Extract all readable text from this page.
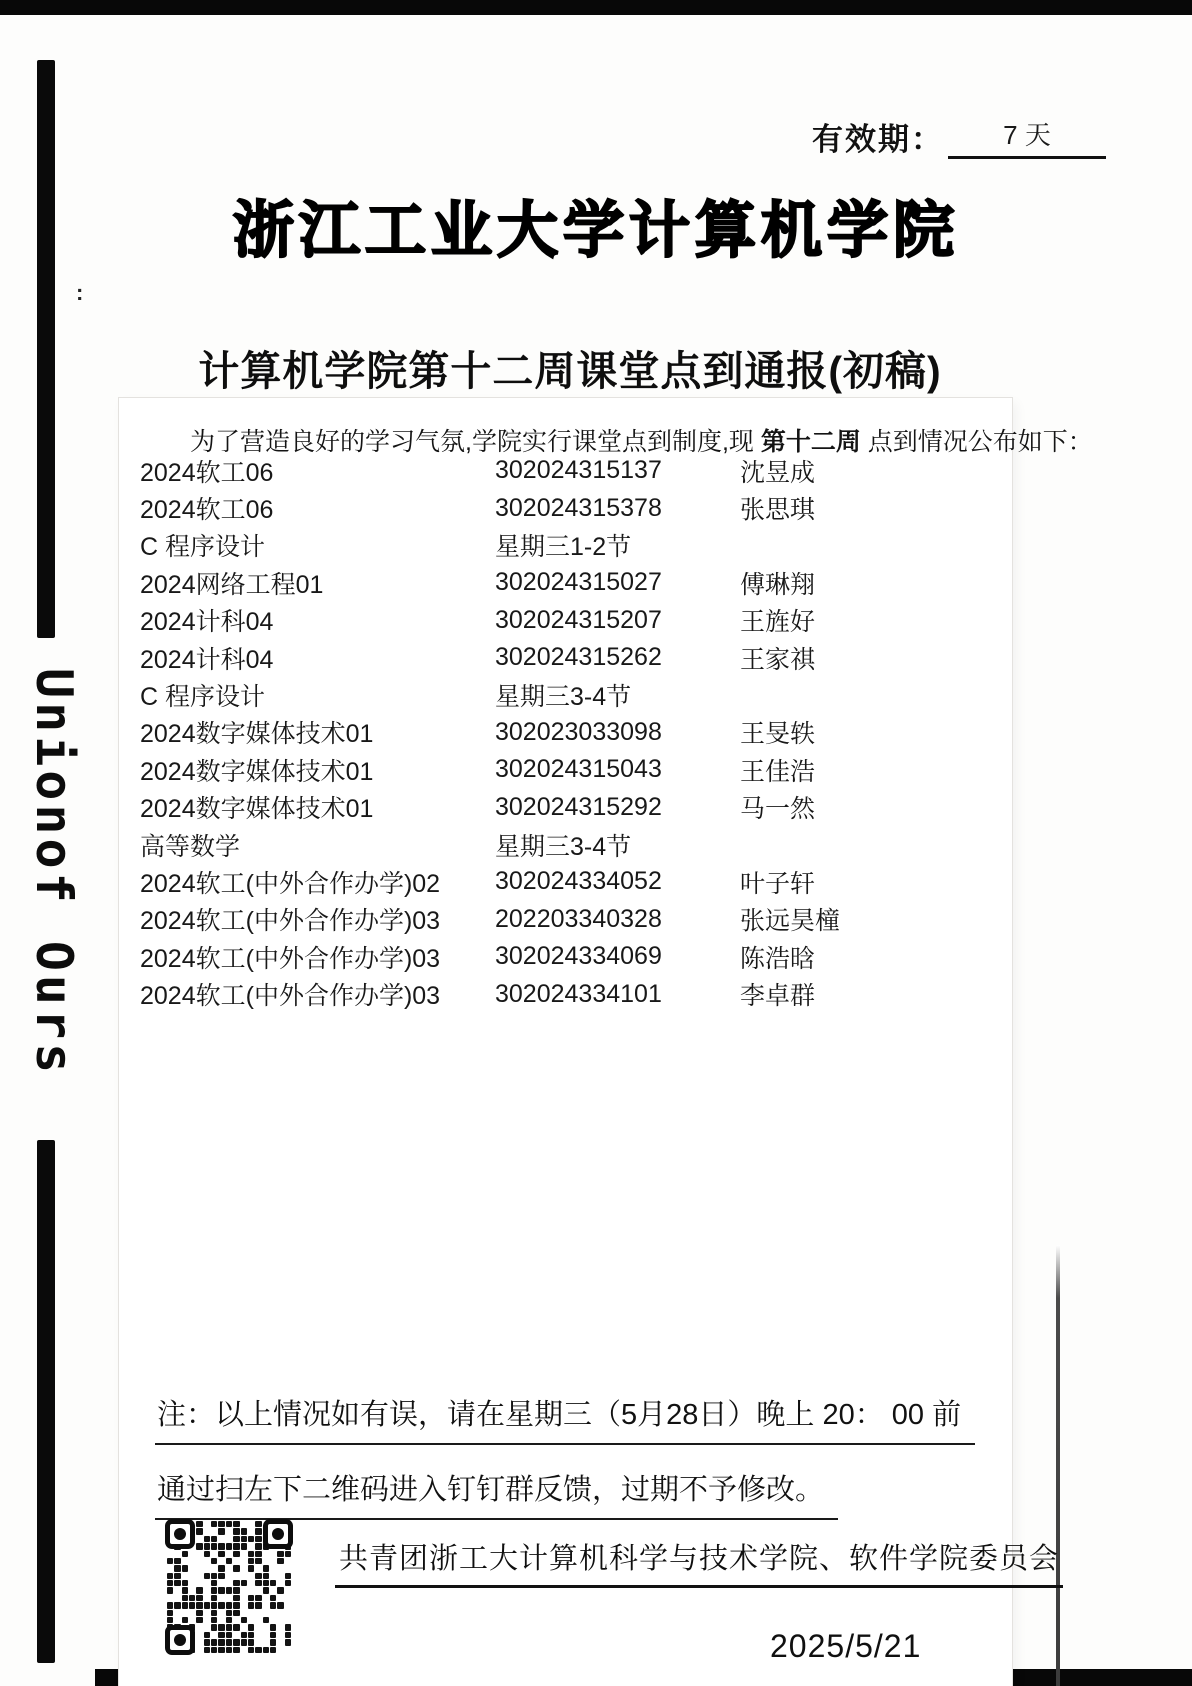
Unionof Ours
:
有效期：	7 天
浙江工业大学计算机学院
计算机学院第十二周课堂点到通报(初稿)
为了营造良好的学习气氛,学院实行课堂点到制度,现 第十二周 点到情况公布如下：
2024软工06	302024315137	沈昱成
2024软工06	302024315378	张思琪
C 程序设计	星期三1-2节
2024网络工程01	302024315027	傅琳翔
2024计科04	302024315207	王旌好
2024计科04	302024315262	王家祺
C 程序设计	星期三3-4节
2024数字媒体技术01	302023033098	王旻轶
2024数字媒体技术01	302024315043	王佳浩
2024数字媒体技术01	302024315292	马一然
高等数学	星期三3-4节
2024软工(中外合作办学)02	302024334052	叶子轩
2024软工(中外合作办学)03	202203340328	张远昊橦
2024软工(中外合作办学)03	302024334069	陈浩晗
2024软工(中外合作办学)03	302024334101	李卓群
注：以上情况如有误，请在星期三（5月28日）晚上 20： 00 前
通过扫左下二维码进入钉钉群反馈，过期不予修改。
共青团浙工大计算机科学与技术学院、软件学院委员会
2025/5/21
